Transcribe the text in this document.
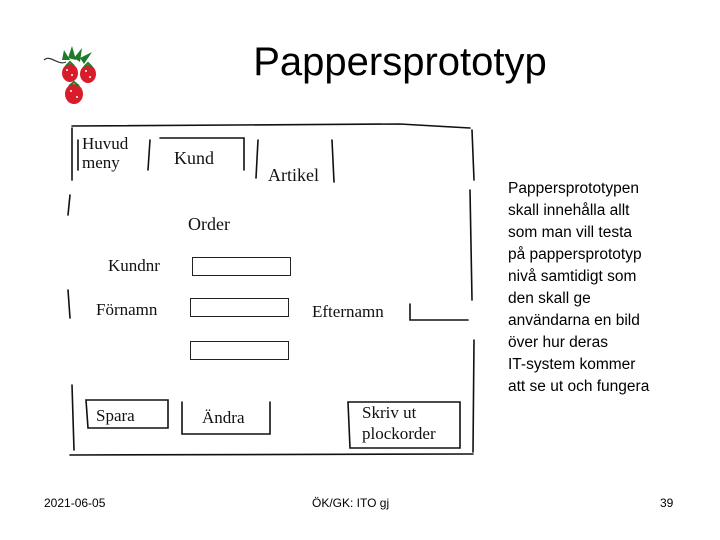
Pappersprototyp
Huvud
meny	Kund
Artikel
Order
Kundnr
Förnamn	Efternamn
Spara	Ändra	Skriv ut
plockorder
Pappersprototypen
skall innehålla allt
som man vill testa
på pappersprototyp
nivå samtidigt som
den skall ge
användarna en bild
över hur deras
IT-system kommer
att se ut och fungera
2021-06-05	ÖK/GK: ITO gj	39
